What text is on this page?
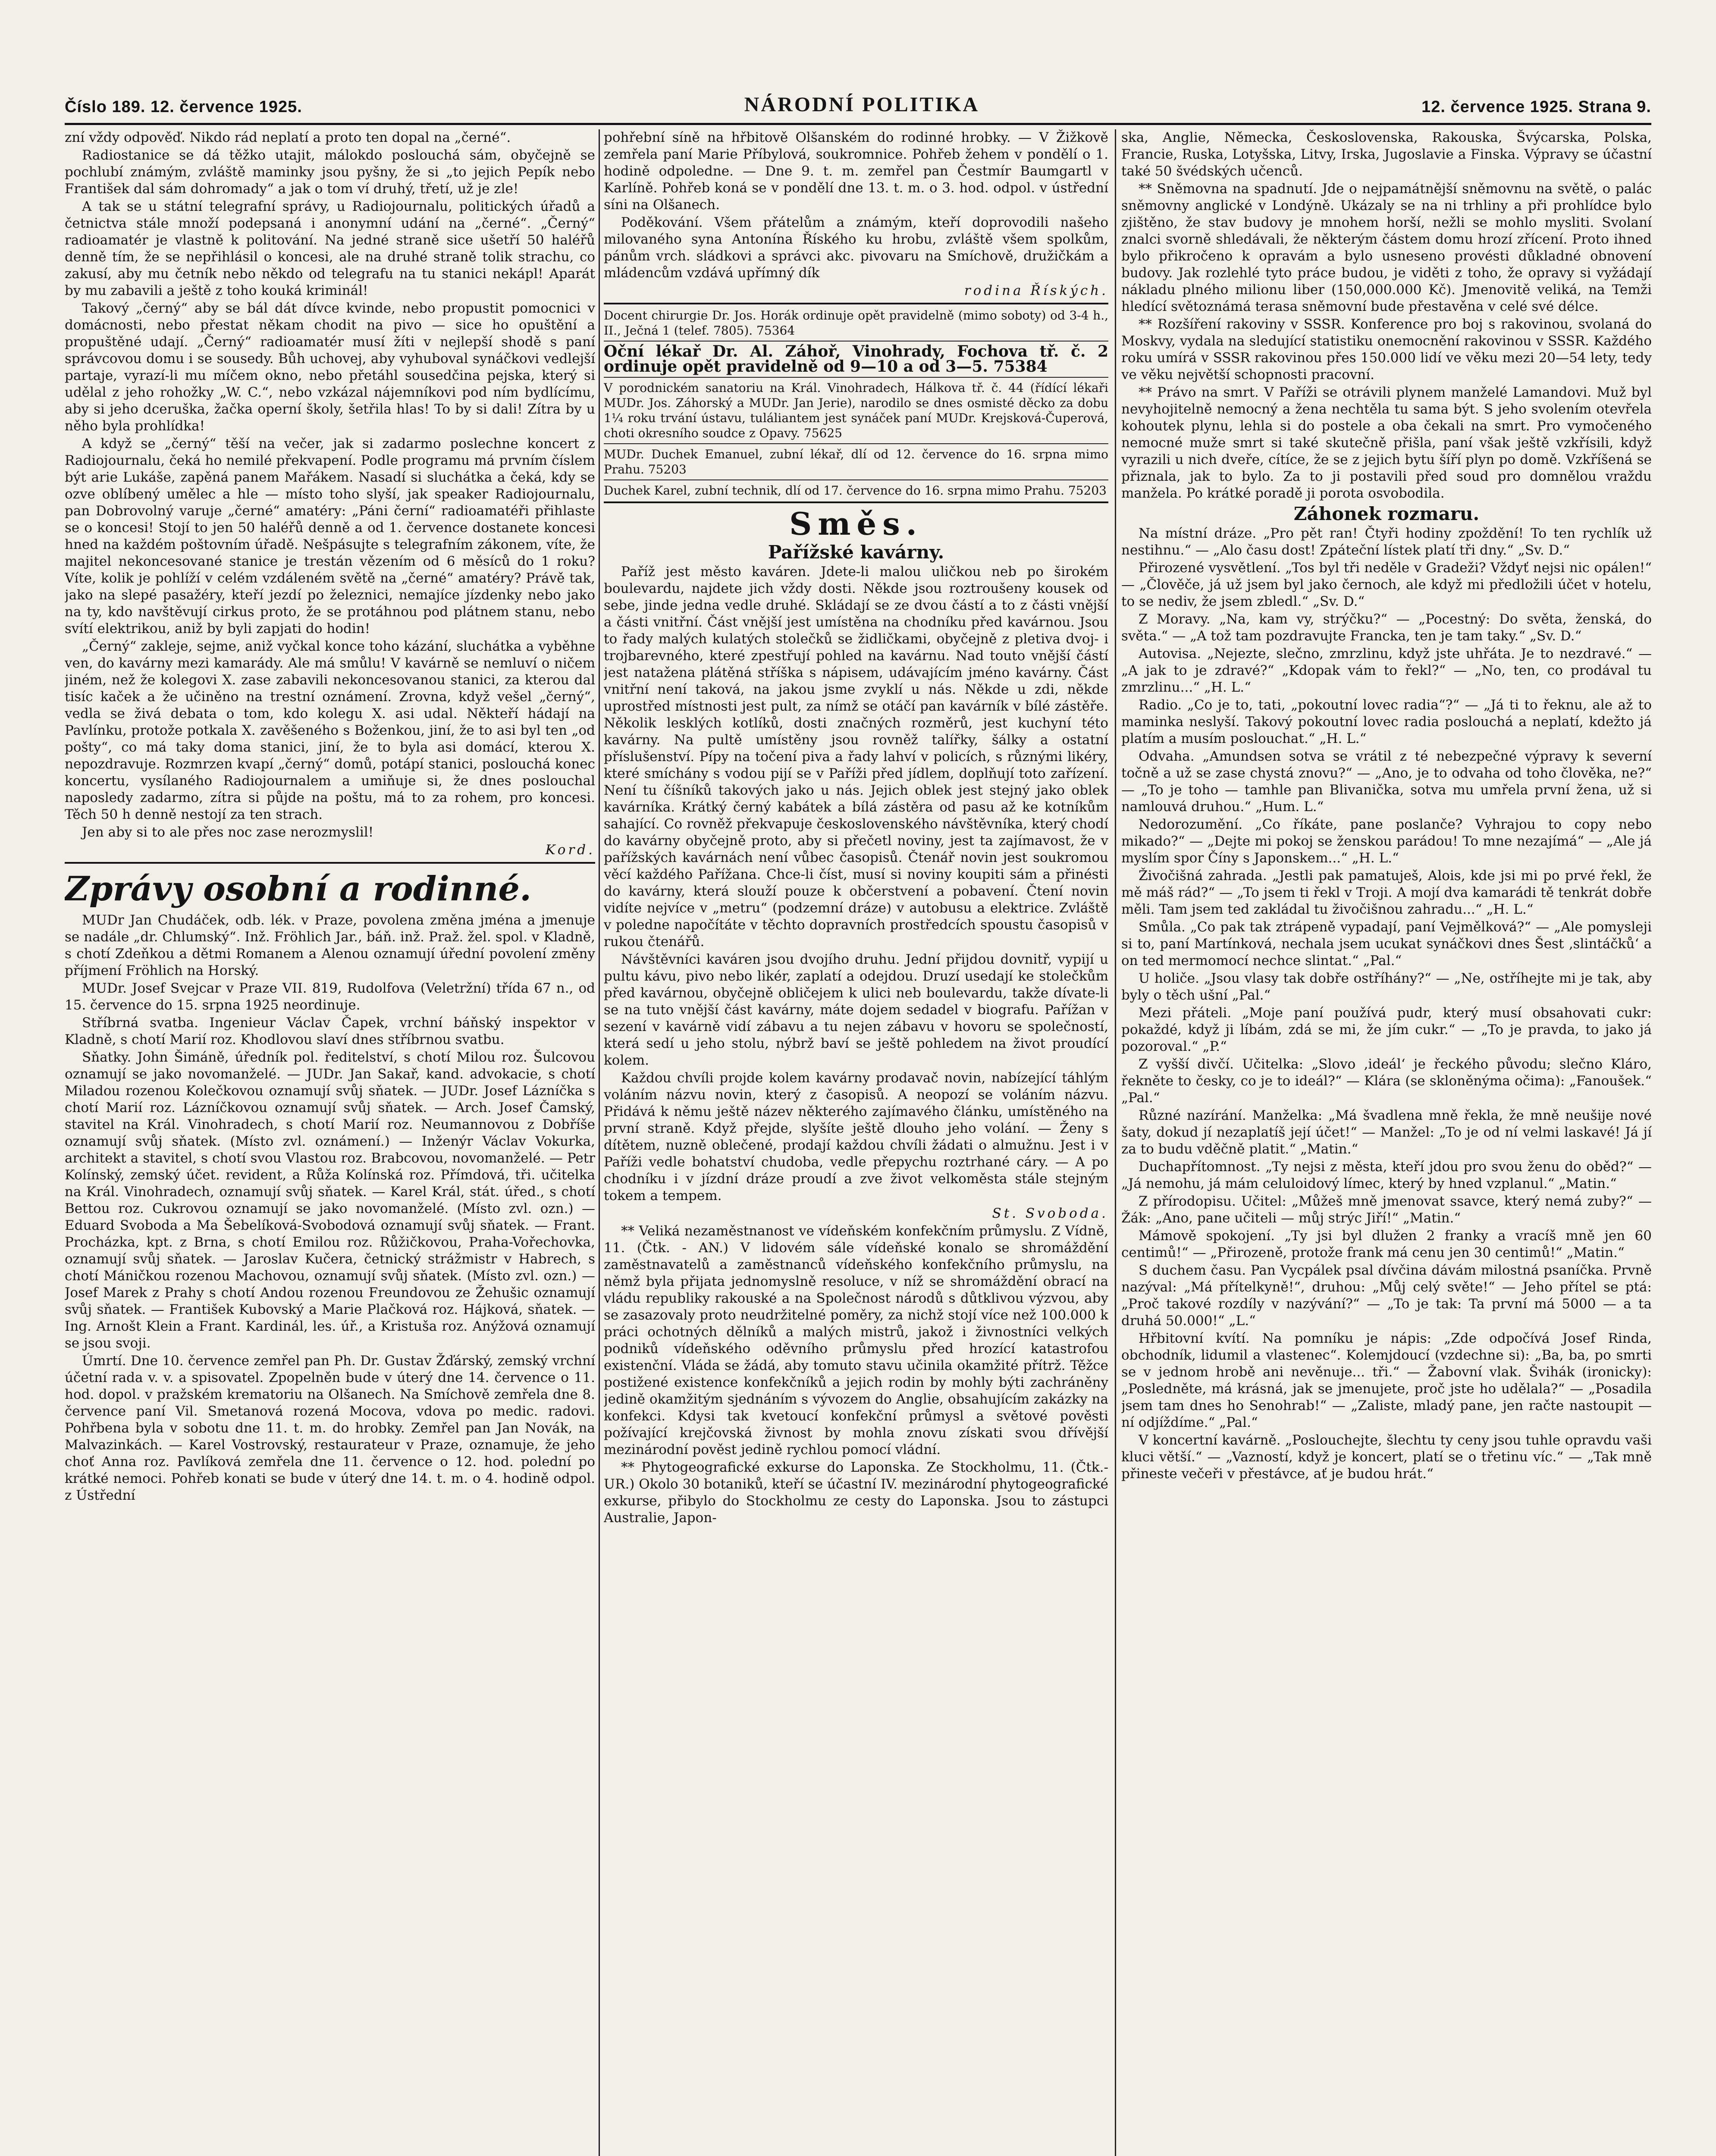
Číslo 189. 12. července 1925.	NÁRODNÍ POLITIKA	12. července 1925. Strana 9.

zní vždy odpověď. Nikdo rád neplatí a proto ten dopal na „černé“.

Radiostanice se dá těžko utajit, málokdo poslouchá sám, obyčejně se pochlubí známým, zvláště maminky jsou pyšny, že si „to jejich Pepík nebo František dal sám dohromady“ a jak o tom ví druhý, třetí, už je zle!

A tak se u státní telegrafní správy, u Radiojournalu, politických úřadů a četnictva stále množí podepsaná i anonymní udání na „černé“. „Černý“ radioamatér je vlastně k politování. Na jedné straně sice ušetří 50 haléřů denně tím, že se nepřihlásil o koncesi, ale na druhé straně tolik strachu, co zakusí, aby mu četník nebo někdo od telegrafu na tu stanici nekápl! Aparát by mu zabavili a ještě z toho kouká kriminál!

Takový „černý“ aby se bál dát dívce kvinde, nebo propustit pomocnici v domácnosti, nebo přestat někam chodit na pivo — sice ho opuštění a propuštěné udají. „Černý“ radioamatér musí žíti v nejlepší shodě s paní správcovou domu i se sousedy. Bůh uchovej, aby vyhuboval synáčkovi vedlejší partaje, vyrazí-li mu míčem okno, nebo přetáhl sousedčina pejska, který si udělal z jeho rohožky „W. C.“, nebo vzkázal nájemníkovi pod ním bydlícímu, aby si jeho dceruška, žačka operní školy, šetřila hlas! To by si dali! Zítra by u něho byla prohlídka!

A když se „černý“ těší na večer, jak si zadarmo poslechne koncert z Radiojournalu, čeká ho nemilé překvapení. Podle programu má prvním číslem být arie Lukáše, zapěná panem Mařákem. Nasadí si sluchátka a čeká, kdy se ozve oblíbený umělec a hle — místo toho slyší, jak speaker Radiojournalu, pan Dobrovolný varuje „černé“ amatéry: „Páni černí“ radioamatéři přihlaste se o koncesi! Stojí to jen 50 haléřů denně a od 1. července dostanete koncesi hned na každém poštovním úřadě. Nešpásujte s telegrafním zákonem, víte, že majitel nekoncesované stanice je trestán vězením od 6 měsíců do 1 roku? Víte, kolik je pohlíží v celém vzdáleném světě na „černé“ amatéry? Právě tak, jako na slepé pasažéry, kteří jezdí po železnici, nemajíce jízdenky nebo jako na ty, kdo navštěvují cirkus proto, že se protáhnou pod plátnem stanu, nebo svítí elektrikou, aniž by byli zapjati do hodin!

„Černý“ zakleje, sejme, aniž vyčkal konce toho kázání, sluchátka a vyběhne ven, do kavárny mezi kamarády. Ale má smůlu! V kavárně se nemluví o ničem jiném, než že kolegovi X. zase zabavili nekoncesovanou stanici, za kterou dal tisíc kaček a že učiněno na trestní oznámení. Zrovna, když vešel „černý“, vedla se živá debata o tom, kdo kolegu X. asi udal. Někteří hádají na Pavlínku, protože potkala X. zavěšeného s Boženkou, jiní, že to asi byl ten „od pošty“, co má taky doma stanici, jiní, že to byla asi domácí, kterou X. nepozdravuje. Rozmrzen kvapí „černý“ domů, potápí stanici, poslouchá konec koncertu, vysílaného Radiojournalem a umiňuje si, že dnes poslouchal naposledy zadarmo, zítra si půjde na poštu, má to za rohem, pro koncesi. Těch 50 h denně nestojí za ten strach.

Jen aby si to ale přes noc zase nerozmyslil!

Kord.

Zprávy osobní a rodinné.

MUDr Jan Chudáček, odb. lék. v Praze, povolena změna jména a jmenuje se nadále „dr. Chlumský“. Inž. Fröhlich Jar., báň. inž. Praž. žel. spol. v Kladně, s chotí Zdeňkou a dětmi Romanem a Alenou oznamují úřední povolení změny příjmení Fröhlich na Horský.

MUDr. Josef Svejcar v Praze VII. 819, Rudolfova (Veletržní) třída 67 n., od 15. července do 15. srpna 1925 neordinuje.

Stříbrná svatba. Ingenieur Václav Čapek, vrchní báňský inspektor v Kladně, s chotí Marií roz. Khodlovou slaví dnes stříbrnou svatbu.

Sňatky. John Šimáně, úředník pol. ředitelství, s chotí Milou roz. Šulcovou oznamují se jako novomanželé. — JUDr. Jan Sakař, kand. advokacie, s chotí Miladou rozenou Kolečkovou oznamují svůj sňatek. — JUDr. Josef Lázníčka s chotí Marií roz. Lázníčkovou oznamují svůj sňatek. — Arch. Josef Čamský, stavitel na Král. Vinohradech, s chotí Marií roz. Neumannovou z Dobříše oznamují svůj sňatek. (Místo zvl. oznámení.) — Inženýr Václav Vokurka, architekt a stavitel, s chotí svou Vlastou roz. Brabcovou, novomanželé. — Petr Kolínský, zemský účet. revident, a Růža Kolínská roz. Přímdová, tři. učitelka na Král. Vinohradech, oznamují svůj sňatek. — Karel Král, stát. úřed., s chotí Bettou roz. Cukrovou oznamují se jako novomanželé. (Místo zvl. ozn.) — Eduard Svoboda a Ma Šebelíková-Svobodová oznamují svůj sňatek. — Frant. Procházka, kpt. z Brna, s chotí Emilou roz. Růžičkovou, Praha-Vořechovka, oznamují svůj sňatek. — Jaroslav Kučera, četnický strážmistr v Habrech, s chotí Máničkou rozenou Machovou, oznamují svůj sňatek. (Místo zvl. ozn.) — Josef Marek z Prahy s chotí Andou rozenou Freundovou ze Žehušic oznamují svůj sňatek. — František Kubovský a Marie Plačková roz. Hájková, sňatek. — Ing. Arnošt Klein a Frant. Kardinál, les. úř., a Kristuša roz. Anýžová oznamují se jsou svoji.

Úmrtí. Dne 10. července zemřel pan Ph. Dr. Gustav Žďárský, zemský vrchní účetní rada v. v. a spisovatel. Zpopelněn bude v úterý dne 14. července o 11. hod. dopol. v pražském krematoriu na Olšanech. Na Smíchově zemřela dne 8. července paní Vil. Smetanová rozená Mocova, vdova po medic. radovi. Pohřbena byla v sobotu dne 11. t. m. do hrobky. Zemřel pan Jan Novák, na Malvazinkách. — Karel Vostrovský, restaurateur v Praze, oznamuje, že jeho choť Anna roz. Pavlíková zemřela dne 11. července o 12. hod. polední po krátké nemoci. Pohřeb konati se bude v úterý dne 14. t. m. o 4. hodině odpol. z Ústřední

pohřební síně na hřbitově Olšanském do rodinné hrobky. — V Žižkově zemřela paní Marie Příbylová, soukromnice. Pohřeb žehem v pondělí o 1. hodině odpoledne. — Dne 9. t. m. zemřel pan Čestmír Baumgartl v Karlíně. Pohřeb koná se v pondělí dne 13. t. m. o 3. hod. odpol. v ústřední síni na Olšanech.

Poděkování. Všem přátelům a známým, kteří doprovodili našeho milovaného syna Antonína Říského ku hrobu, zvláště všem spolkům, pánům vrch. sládkovi a správci akc. pivovaru na Smíchově, družičkám a mládencům vzdává upřímný dík

rodina Říských.

Docent chirurgie Dr. Jos. Horák ordinuje opět pravidelně (mimo soboty) od 3-4 h., II., Ječná 1 (telef. 7805). 75364

Oční lékař Dr. Al. Záhoř, Vinohrady, Fochova tř. č. 2 ordinuje opět pravidelně od 9—10 a od 3—5. 75384

V porodnickém sanatoriu na Král. Vinohradech, Hálkova tř. č. 44 (řídící lékaři MUDr. Jos. Záhorský a MUDr. Jan Jerie), narodilo se dnes osmisté děcko za dobu 1¼ roku trvání ústavu, tuláliantem jest synáček paní MUDr. Krejsková-Čuperová, choti okresního soudce z Opavy. 75625

MUDr. Duchek Emanuel, zubní lékař, dlí od 12. července do 16. srpna mimo Prahu. 75203

Duchek Karel, zubní technik, dlí od 17. července do 16. srpna mimo Prahu. 75203

Směs.
Pařížské kavárny.

Paříž jest město kaváren. Jdete-li malou uličkou neb po širokém boulevardu, najdete jich vždy dosti. Někde jsou roztroušeny kousek od sebe, jinde jedna vedle druhé. Skládají se ze dvou částí a to z části vnější a části vnitřní. Část vnější jest umístěna na chodníku před kavárnou. Jsou to řady malých kulatých stolečků se židličkami, obyčejně z pletiva dvoj- i trojbarevného, které zpestřují pohled na kavárnu. Nad touto vnější částí jest natažena plátěná stříška s nápisem, udávajícím jméno kavárny. Část vnitřní není taková, na jakou jsme zvyklí u nás. Někde u zdi, někde uprostřed místnosti jest pult, za nímž se otáčí pan kavárník v bílé zástěře. Několik lesklých kotlíků, dosti značných rozměrů, jest kuchyní této kavárny. Na pultě umístěny jsou rovněž talířky, šálky a ostatní příslušenství. Pípy na točení piva a řady lahví v policích, s různými likéry, které smíchány s vodou pijí se v Paříži před jídlem, doplňují toto zařízení. Není tu číšníků takových jako u nás. Jejich oblek jest stejný jako oblek kavárníka. Krátký černý kabátek a bílá zástěra od pasu až ke kotníkům sahající. Co rovněž překvapuje československého návštěvníka, který chodí do kavárny obyčejně proto, aby si přečetl noviny, jest ta zajímavost, že v pařížských kavárnách není vůbec časopisů. Čtenář novin jest soukromou věcí každého Pařížana. Chce-li číst, musí si noviny koupiti sám a přinésti do kavárny, která slouží pouze k občerstvení a pobavení. Čtení novin vidíte nejvíce v „metru“ (podzemní dráze) v autobusu a elektrice. Zvláště v poledne napočítáte v těchto dopravních prostředcích spoustu časopisů v rukou čtenářů.

Návštěvníci kaváren jsou dvojího druhu. Jední přijdou dovnitř, vypijí u pultu kávu, pivo nebo likér, zaplatí a odejdou. Druzí usedají ke stolečkům před kavárnou, obyčejně obličejem k ulici neb boulevardu, takže dívate-li se na tuto vnější část kavárny, máte dojem sedadel v biografu. Pařížan v sezení v kavárně vidí zábavu a tu nejen zábavu v hovoru se společností, která sedí u jeho stolu, nýbrž baví se ještě pohledem na život proudící kolem.

Každou chvíli projde kolem kavárny prodavač novin, nabízející táhlým voláním názvu novin, který z časopisů. A neopozí se voláním názvu. Přidává k němu ještě název některého zajímavého článku, umístěného na první straně. Když přejde, slyšíte ještě dlouho jeho volání. — Ženy s dítětem, nuzně oblečené, prodají každou chvíli žádati o almužnu. Jest i v Paříži vedle bohatství chudoba, vedle přepychu roztrhané cáry. — A po chodníku i v jízdní dráze proudí a zve život velkoměsta stále stejným tokem a tempem.

St. Svoboda.

** Veliká nezaměstnanost ve vídeňském konfekčním průmyslu. Z Vídně, 11. (Čtk. - AN.) V lidovém sále vídeňské konalo se shromáždění zaměstnavatelů a zaměstnanců vídeňského konfekčního průmyslu, na němž byla přijata jednomyslně resoluce, v níž se shromáždění obrací na vládu republiky rakouské a na Společnost národů s důtklivou výzvou, aby se zasazovaly proto neudržitelné poměry, za nichž stojí více než 100.000 k práci ochotných dělníků a malých mistrů, jakož i živnostníci velkých podniků vídeňského oděvního průmyslu před hrozící katastrofou existenční. Vláda se žádá, aby tomuto stavu učinila okamžité přítrž. Těžce postižené existence konfekčníků a jejich rodin by mohly býti zachráněny jedině okamžitým sjednáním s vývozem do Anglie, obsahujícím zakázky na konfekci. Kdysi tak kvetoucí konfekční průmysl a světové pověsti požívající krejčovská živnost by mohla znovu získati svou dřívější mezinárodní pověst jedině rychlou pomocí vládní.

** Phytogeografické exkurse do Laponska. Ze Stockholmu, 11. (Čtk.-UR.) Okolo 30 botaniků, kteří se účastní IV. mezinárodní phytogeografické exkurse, přibylo do Stockholmu ze cesty do Laponska. Jsou to zástupci Australie, Japon-

ska, Anglie, Německa, Československa, Rakouska, Švýcarska, Polska, Francie, Ruska, Lotyšska, Litvy, Irska, Jugoslavie a Finska. Výpravy se účastní také 50 švédských učenců.

** Sněmovna na spadnutí. Jde o nejpamátnější sněmovnu na světě, o palác sněmovny anglické v Londýně. Ukázaly se na ni trhliny a při prohlídce bylo zjištěno, že stav budovy je mnohem horší, nežli se mohlo mysliti. Svolaní znalci svorně shledávali, že některým částem domu hrozí zřícení. Proto ihned bylo přikročeno k opravám a bylo usneseno provésti důkladné obnovení budovy. Jak rozlehlé tyto práce budou, je viděti z toho, že opravy si vyžádají nákladu plného milionu liber (150,000.000 Kč). Jmenovitě veliká, na Temži hledící světoznámá terasa sněmovní bude přestavěna v celé své délce.

** Rozšíření rakoviny v SSSR. Konference pro boj s rakovinou, svolaná do Moskvy, vydala na sledující statistiku onemocnění rakovinou v SSSR. Každého roku umírá v SSSR rakovinou přes 150.000 lidí ve věku mezi 20—54 lety, tedy ve věku největší schopnosti pracovní.

** Právo na smrt. V Paříži se otrávili plynem manželé Lamandovi. Muž byl nevyhojitelně nemocný a žena nechtěla tu sama být. S jeho svolením otevřela kohoutek plynu, lehla si do postele a oba čekali na smrt. Pro vymočeného nemocné muže smrt si také skutečně přišla, paní však ještě vzkřísili, když vyrazili u nich dveře, cítíce, že se z jejich bytu šíří plyn po domě. Vzkříšená se přiznala, jak to bylo. Za to ji postavili před soud pro domnělou vraždu manžela. Po krátké poradě ji porota osvobodila.

Záhonek rozmaru.

Na místní dráze. „Pro pět ran! Čtyři hodiny zpoždění! To ten rychlík už nestihnu.“ — „Alo času dost! Zpáteční lístek platí tři dny.“ „Sv. D.“

Přirozené vysvětlení. „Tos byl tři neděle v Gradeži? Vždyť nejsi nic opálen!“ — „Člověče, já už jsem byl jako černoch, ale když mi předložili účet v hotelu, to se nediv, že jsem zbledl.“ „Sv. D.“

Z Moravy. „Na, kam vy, strýčku?“ — „Pocestný: Do světa, ženská, do světa.“ — „A tož tam pozdravujte Francka, ten je tam taky.“ „Sv. D.“

Autovisa. „Nejezte, slečno, zmrzlinu, když jste uhřáta. Je to nezdravé.“ — „A jak to je zdravé?“ „Kdopak vám to řekl?“ — „No, ten, co prodával tu zmrzlinu...“ „H. L.“

Radio. „Co je to, tati, „pokoutní lovec radia“?“ — „Já ti to řeknu, ale až to maminka neslyší. Takový pokoutní lovec radia poslouchá a neplatí, kdežto já platím a musím poslouchat.“ „H. L.“

Odvaha. „Amundsen sotva se vrátil z té nebezpečné výpravy k severní točně a už se zase chystá znovu?“ — „Ano, je to odvaha od toho člověka, ne?“ — „To je toho — tamhle pan Blivanička, sotva mu umřela první žena, už si namlouvá druhou.“ „Hum. L.“

Nedorozumění. „Co říkáte, pane poslanče? Vyhrajou to copy nebo mikado?“ — „Dejte mi pokoj se ženskou parádou! To mne nezajímá“ — „Ale já myslím spor Číny s Japonskem...“ „H. L.“

Živočišná zahrada. „Jestli pak pamatuješ, Alois, kde jsi mi po prvé řekl, že mě máš rád?“ — „To jsem ti řekl v Troji. A mojí dva kamarádi tě tenkrát dobře měli. Tam jsem ted zakládal tu živočišnou zahradu...“ „H. L.“

Smůla. „Co pak tak ztrápeně vypadají, paní Vejmělková?“ — „Ale pomysleji si to, paní Martínková, nechala jsem ucukat synáčkovi dnes Šest ‚slintáčků‘ a on ted mermomocí nechce slintat.“ „Pal.“

U holiče. „Jsou vlasy tak dobře ostříhány?“ — „Ne, ostříhejte mi je tak, aby byly o těch ušní „Pal.“

Mezi přáteli. „Moje paní používá pudr, který musí obsahovati cukr: pokaždé, když ji líbám, zdá se mi, že jím cukr.“ — „To je pravda, to jako já pozoroval.“ „P.“

Z vyšší divčí. Učitelka: „Slovo ‚ideál‘ je řeckého původu; slečno Kláro, řekněte to česky, co je to ideál?“ — Klára (se skloněnýma očima): „Fanoušek.“ „Pal.“

Různé nazírání. Manželka: „Má švadlena mně řekla, že mně neušije nové šaty, dokud jí nezaplatíš její účet!“ — Manžel: „To je od ní velmi laskavé! Já jí za to budu vděčně platit.“ „Matin.“

Duchapřítomnost. „Ty nejsi z města, kteří jdou pro svou ženu do oběd?“ — „Já nemohu, já mám celuloidový límec, který by hned vzplanul.“ „Matin.“

Z přírodopisu. Učitel: „Můžeš mně jmenovat ssavce, který nemá zuby?“ — Žák: „Ano, pane učiteli — můj strýc Jiří!“ „Matin.“

Mámově spokojení. „Ty jsi byl dlužen 2 franky a vracíš mně jen 60 centimů!“ — „Přirozeně, protože frank má cenu jen 30 centimů!“ „Matin.“

S duchem času. Pan Vycpálek psal dívčina dávám milostná psaníčka. Prvně nazýval: „Má přítelkyně!“, druhou: „Můj celý světe!“ — Jeho přítel se ptá: „Proč takové rozdíly v nazývání?“ — „To je tak: Ta první má 5000 — a ta druhá 50.000!“ „L.“

Hřbitovní kvítí. Na pomníku je nápis: „Zde odpočívá Josef Rinda, obchodník, lidumil a vlastenec“. Kolemjdoucí (vzdechne si): „Ba, ba, po smrti se v jednom hrobě ani nevěnuje... tři.“ — Žabovní vlak. Švihák (ironicky): „Posledněte, má krásná, jak se jmenujete, proč jste ho udělala?“ — „Posadila jsem tam dnes ho Senohrab!“ — „Zaliste, mladý pane, jen račte nastoupit — ní odjíždíme.“ „Pal.“

V koncertní kavárně. „Poslouchejte, šlechtu ty ceny jsou tuhle opravdu vaši kluci větší.“ — „Vazností, když je koncert, platí se o třetinu víc.“ — „Tak mně přineste večeři v přestávce, ať je budou hrát.“
